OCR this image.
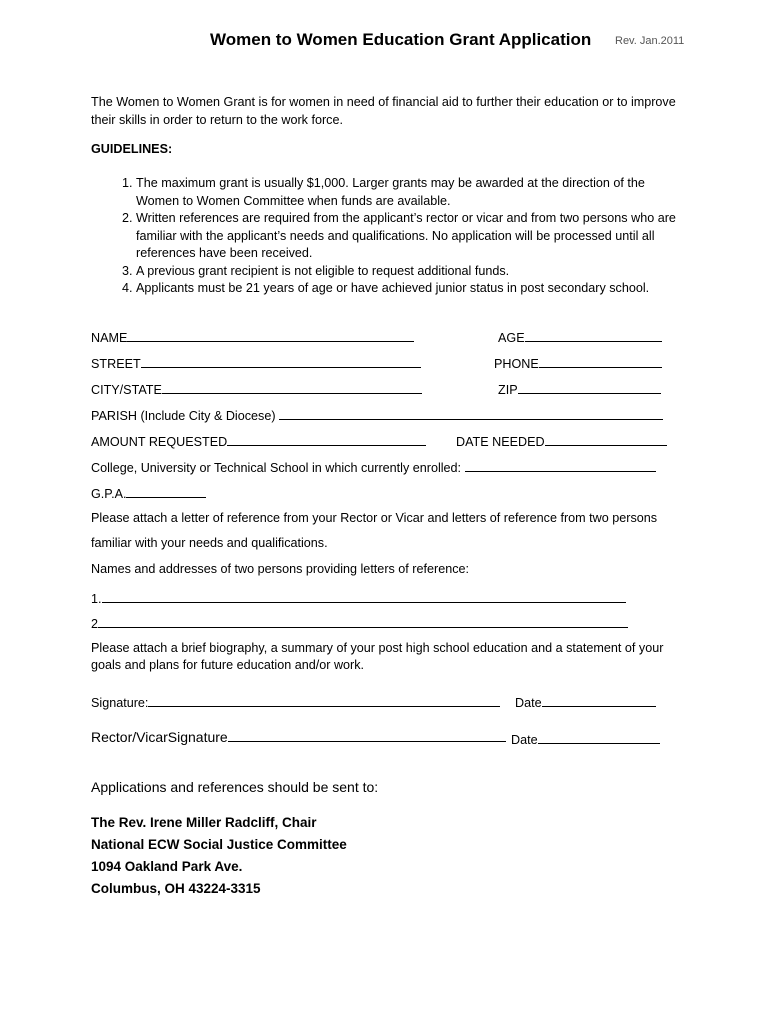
Women to Women Education Grant Application Rev. Jan.2011
The Women to Women Grant is for women in need of financial aid to further their education or to improve their skills in order to return to the work force.
GUIDELINES:
1. The maximum grant is usually $1,000. Larger grants may be awarded at the direction of the Women to Women Committee when funds are available.
2. Written references are required from the applicant’s rector or vicar and from two persons who are familiar with the applicant’s needs and qualifications. No application will be processed until all references have been received.
3. A previous grant recipient is not eligible to request additional funds.
4. Applicants must be 21 years of age or have achieved junior status in post secondary school.
NAME	AGE
STREET	PHONE
CITY/STATE	ZIP
PARISH (Include City & Diocese)
AMOUNT REQUESTED	DATE NEEDED
College, University or Technical School in which currently enrolled:
G.P.A.
Please attach a letter of reference from your Rector or Vicar and letters of reference from two persons
familiar with your needs and qualifications.
Names and addresses of two persons providing letters of reference:
1.
2
Please attach a brief biography, a summary of your post high school education and a statement of your
goals and plans for future education and/or work.
Signature:	Date
Rector/VicarSignature	Date
Applications and references should be sent to:
The Rev. Irene Miller Radcliff, Chair
National ECW Social Justice Committee
1094 Oakland Park Ave.
Columbus, OH 43224-3315
